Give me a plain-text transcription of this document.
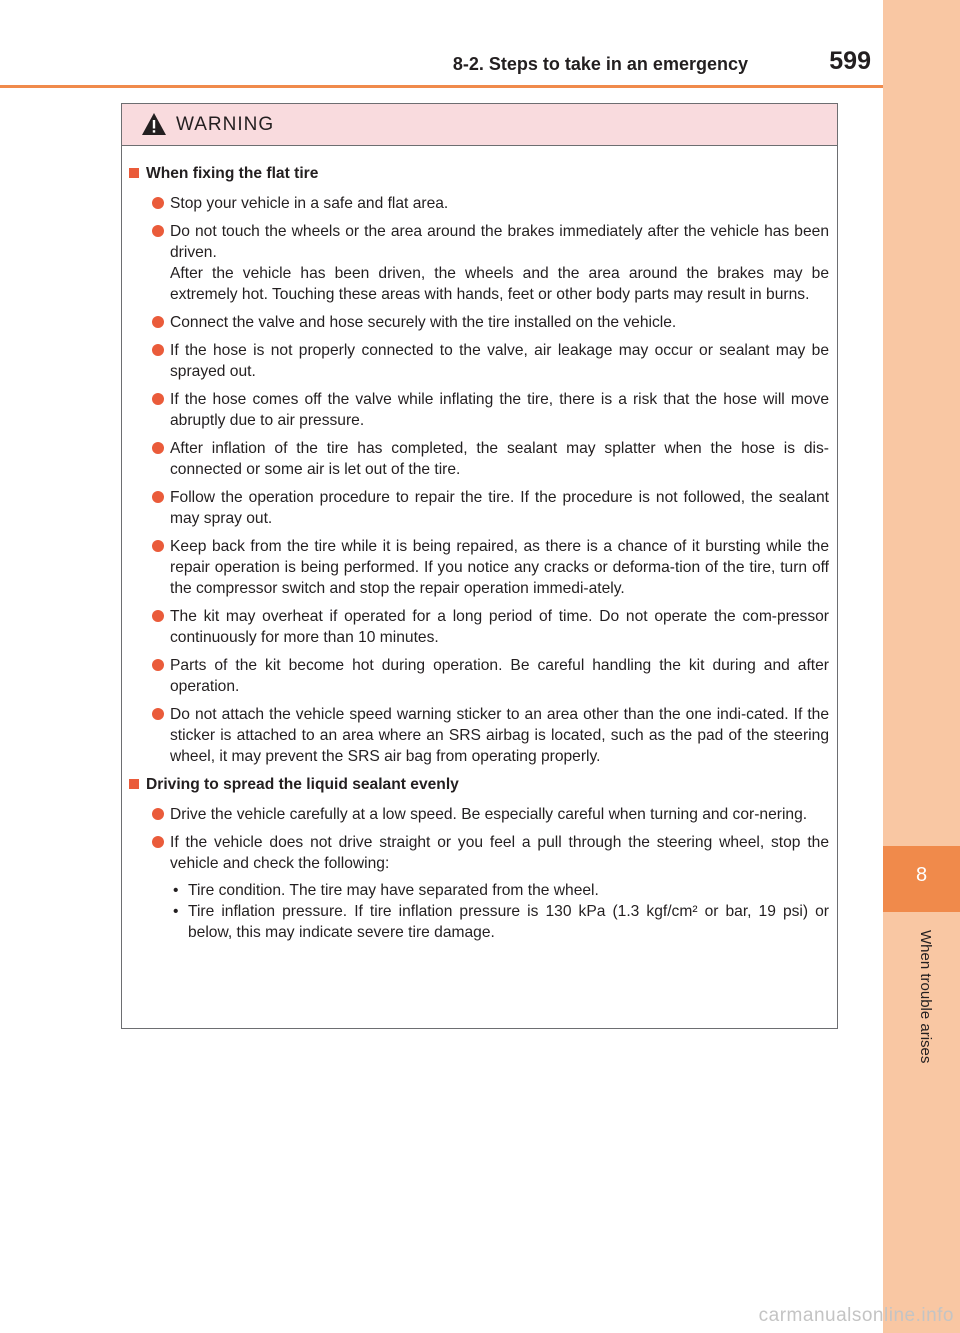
8-2. Steps to take in an emergency	599
8
When trouble arises
WARNING
When fixing the flat tire

Stop your vehicle in a safe and flat area.

Do not touch the wheels or the area around the brakes immediately after the vehicle has been driven.

After the vehicle has been driven, the wheels and the area around the brakes may be extremely hot. Touching these areas with hands, feet or other body parts may result in burns.

Connect the valve and hose securely with the tire installed on the vehicle.

If the hose is not properly connected to the valve, air leakage may occur or sealant may be sprayed out.

If the hose comes off the valve while inflating the tire, there is a risk that the hose will move abruptly due to air pressure.

After inflation of the tire has completed, the sealant may splatter when the hose is dis-connected or some air is let out of the tire.

Follow the operation procedure to repair the tire. If the procedure is not followed, the sealant may spray out.

Keep back from the tire while it is being repaired, as there is a chance of it bursting while the repair operation is being performed. If you notice any cracks or deforma-tion of the tire, turn off the compressor switch and stop the repair operation immedi-ately.

The kit may overheat if operated for a long period of time. Do not operate the com-pressor continuously for more than 10 minutes.

Parts of the kit become hot during operation. Be careful handling the kit during and after operation.

Do not attach the vehicle speed warning sticker to an area other than the one indi-cated. If the sticker is attached to an area where an SRS airbag is located, such as the pad of the steering wheel, it may prevent the SRS air bag from operating properly.

Driving to spread the liquid sealant evenly

Drive the vehicle carefully at a low speed. Be especially careful when turning and cor-nering.

If the vehicle does not drive straight or you feel a pull through the steering wheel, stop the vehicle and check the following:

• Tire condition. The tire may have separated from the wheel.
• Tire inflation pressure. If tire inflation pressure is 130 kPa (1.3 kgf/cm² or bar, 19 psi) or below, this may indicate severe tire damage.
carmanualsonline.info
